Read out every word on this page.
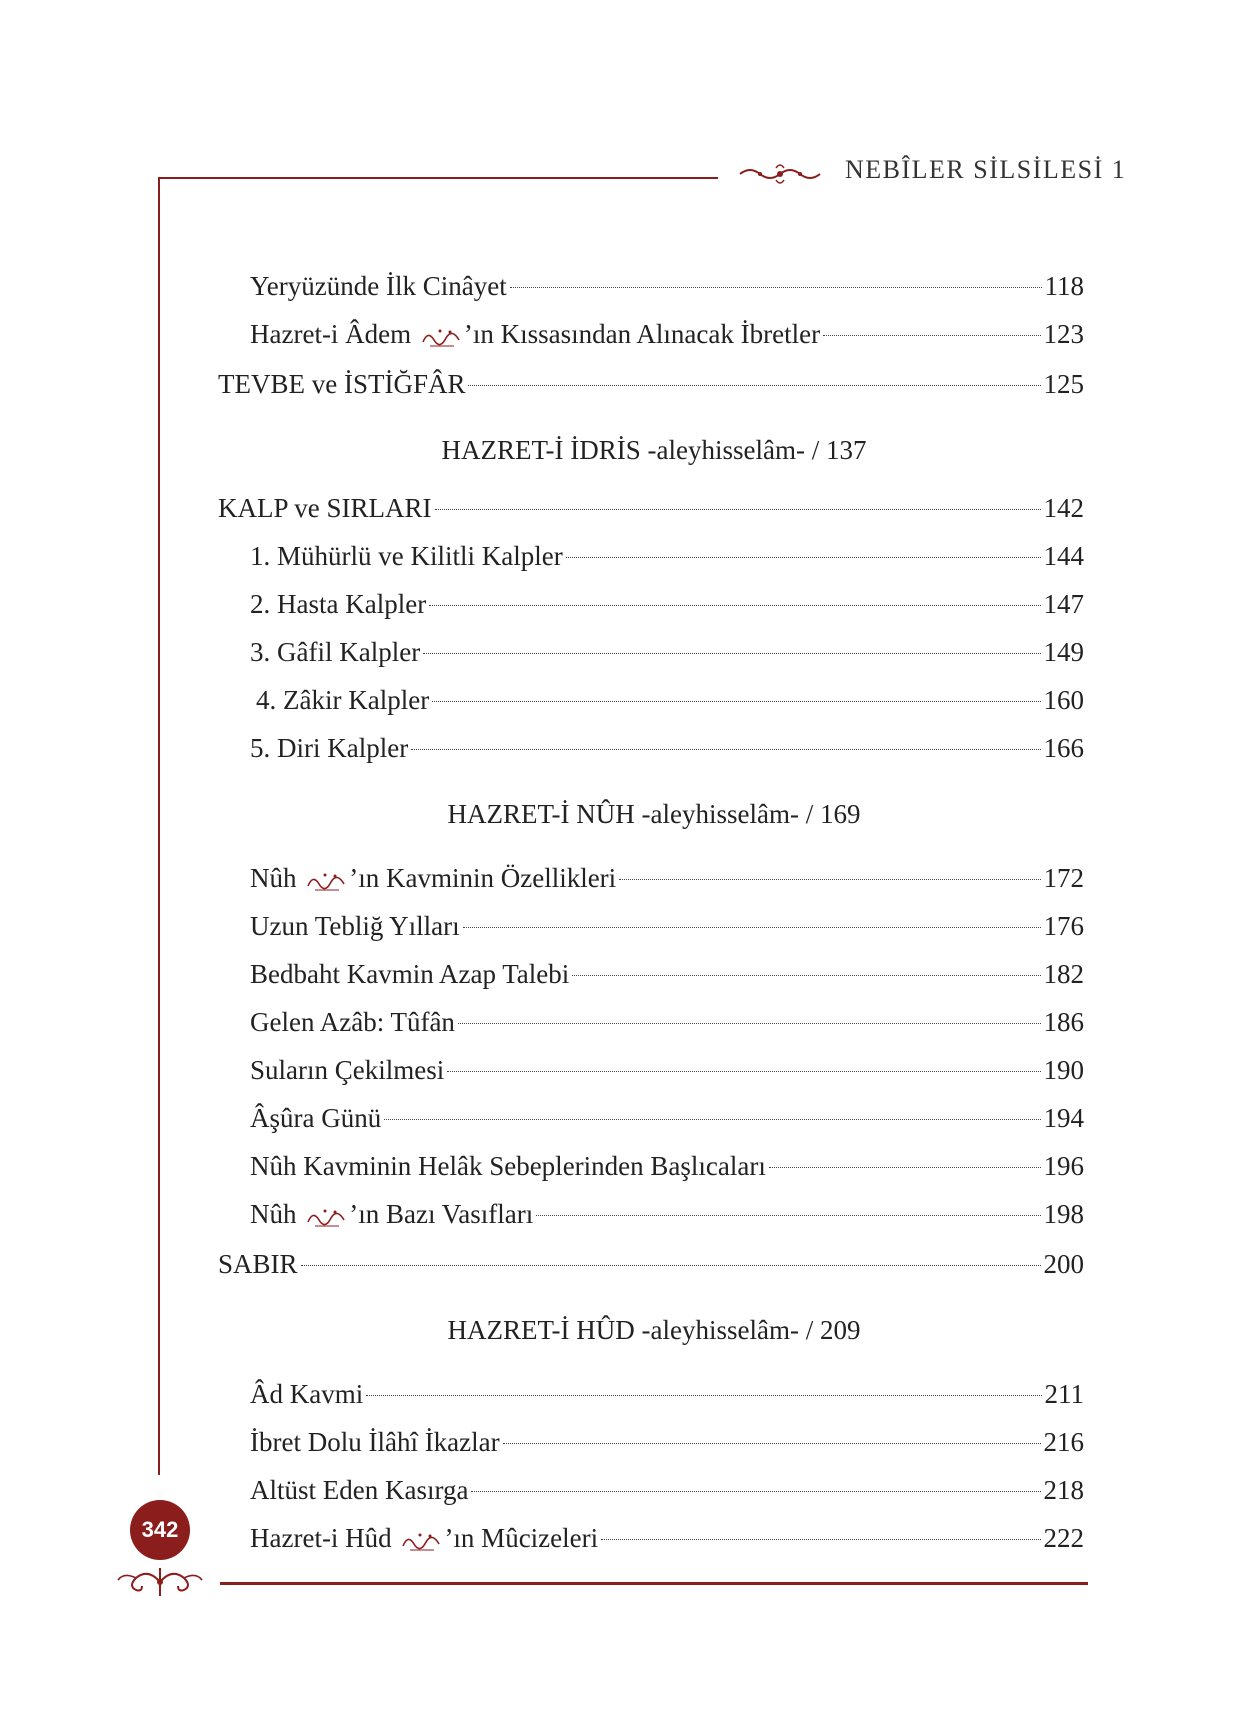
NEBÎLER SİLSİLESİ 1
Yeryüzünde İlk Cinâyet	118
Hazret-i Âdem ’ın Kıssasından Alınacak İbretler	123
TEVBE ve İSTİĞFÂR	125
HAZRET-İ İDRİS -aleyhisselâm- / 137
KALP ve SIRLARI	142
1. Mühürlü ve Kilitli Kalpler	144
2. Hasta Kalpler	147
3. Gâfil Kalpler	149
4. Zâkir Kalpler	160
5. Diri Kalpler	166
HAZRET-İ NÛH -aleyhisselâm- / 169
Nûh ’ın Kavminin Özellikleri	172
Uzun Tebliğ Yılları	176
Bedbaht Kavmin Azap Talebi	182
Gelen Azâb: Tûfân	186
Suların Çekilmesi	190
Âşûra Günü	194
Nûh Kavminin Helâk Sebeplerinden Başlıcaları	196
Nûh ’ın Bazı Vasıfları	198
SABIR	200
HAZRET-İ HÛD -aleyhisselâm- / 209
Âd Kavmi	211
İbret Dolu İlâhî İkazlar	216
Altüst Eden Kasırga	218
Hazret-i Hûd ’ın Mûcizeleri	222
342
